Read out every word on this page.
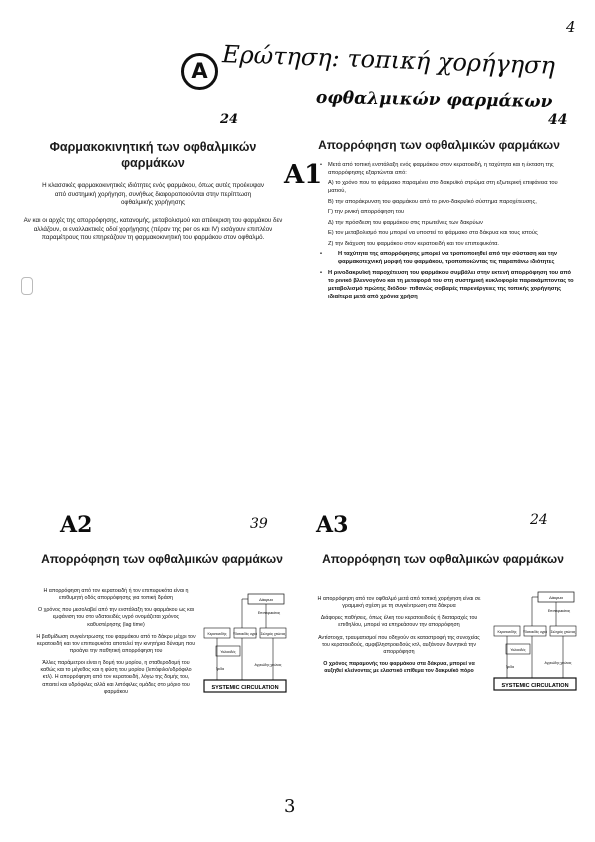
4
A Ερώτηση: τοπική χορήγηση
οφθαλμικών φαρμάκων
24
Φαρμακοκινητική των οφθαλμικών φαρμάκων
Η κλασσικές φαρμακοκινητικές ιδιότητες ενός φαρμάκου, όπως αυτές προέκυψαν από συστημική χορήγηση, συνήθως διαφοροποιούνται στην περίπτωση οφθαλμικής χορήγησης
Αν και οι αρχές της απορρόφησης, κατανομής, μεταβολισμού και απέκκριση του φαρμάκου δεν αλλάζουν, οι εναλλακτικές οδοί χορήγησης (πέραν της per os και IV) εισάγουν επιπλέον παραμέτρους που επηρεάζουν τη φαρμακοκινητική του φαρμάκου στον οφθαλμό.
44
Απορρόφηση των οφθαλμικών φαρμάκων
• Μετά από τοπική ενστάλαξη ενός φαρμάκου στον κερατοειδή, η ταχύτητα και η έκταση της απορρόφησης εξαρτώνται από:
Α) το χρόνο που το φάρμακο παραμένει στο δακρυϊκό στρώμα στη εξωτερική επιφάνεια του ματιού,
Β) την αποράκρυνση του φαρμάκου από το ρινο-δακρυϊκό σύστημα παροχέτευσης,
Γ) την ρινική απορρόφηση του
Δ) την πρόσδεση του φαρμάκου στις πρωτεΐνες των δακρύων
Ε) τον μεταβολισμό που μπορεί να υποστεί το φάρμακο στα δάκρυα και τους ιστούς
Ζ) την διάχυση του φαρμάκου στον κερατοειδή και τον επιπεφυκότα.
• Η ταχύτητα της απορρόφησης μπορεί να τροποποιηθεί από την σύσταση και την φαρμακοτεχνική μορφή του φαρμάκου, τροποποιώντας τις παραπάνω ιδιότητες
• Η ρινοδακρυϊκή παροχέτευση του φαρμάκου συμβάλει στην εκτενή απορρόφηση του από το ρινικό βλεννογόνο και τη μεταφορά του στη συστημική κυκλοφορία παρακάμπτοντας το μεταβολισμό πρώτης διόδου· πιθανώς σοβαρές παρενέργειες της τοπικής χορήγησης ιδιαίτερα μετά από χρόνια χρήση
A1
A2	39
Απορρόφηση των οφθαλμικών φαρμάκων

Η απορρόφηση από τον κερατοειδή ή τον επιπεφυκότα είναι η επιθυμητή οδός απορρόφησης για τοπική δράση

Ο χρόνος που μεσολαβεί από την ενστάλαξη του φαρμάκου ως και εμφάνιση του στο υδατοειδές υγρό ονομάζεται χρόνος καθυστέρησης (lag time)

Η βαθμίδωση συγκέντρωσης του φαρμάκου από το δάκρυ μέχρι τον κερατοειδή και τον επιπεφυκότα αποτελεί την κινητήρια δύναμη που προάγει την παθητική απορρόφηση του

Άλλες παράμετροι είναι η δομή του μορίου, η σταθεροδομή του καθώς και το μέγεθος και η φύση του μορίου (λιπόφιλο/υδρόφιλο κτλ). Η απορρόφηση από τον κερατοειδή, λόγω της δομής του, απαιτεί και υδρόφιλες αλλά και λιπόφιλες ομάδες στο μόριο του φαρμάκου

Δάκρυα
Επιπεφυκότας
Κερατοειδής Υδατοειδές υγρό Σκληρός χιτώνας
Υαλοειδές
Ίριδα
Αγγειώδης χιτώνας
SYSTEMIC CIRCULATION
A3	24
Απορρόφηση των οφθαλμικών φαρμάκων

Η απορρόφηση από τον οφθαλμό μετά από τοπική χορήγηση είναι σε γραμμική σχέση με τη συγκέντρωση στα δάκρυα

Διάφορες παθήσεις, όπως έλκη του κερατοειδούς ή διαταραχές του επιθηλίου, μπορεί να επηρεάσουν την απορρόφηση

Αντίστοιχα, τραυματισμοί που οδηγούν σε καταστροφή της συνοχείας του κερατοειδούς, αμφιβληστροειδούς κτλ, αυξάνουν δυνητικά την απορρόφηση

Ο χρόνος παραμονής του φαρμάκου στα δάκρυα, μπορεί να αυξηθεί κλείνοντας με ελαστικό επίθεμα τον δακρυϊκό πόρο

Δάκρυα
Επιπεφυκότας
Κερατοειδής Υδατοειδές υγρό Σκληρός χιτώνας
Υαλοειδές
Ίριδα
Αγγειώδης χιτώνας
SYSTEMIC CIRCULATION
3
